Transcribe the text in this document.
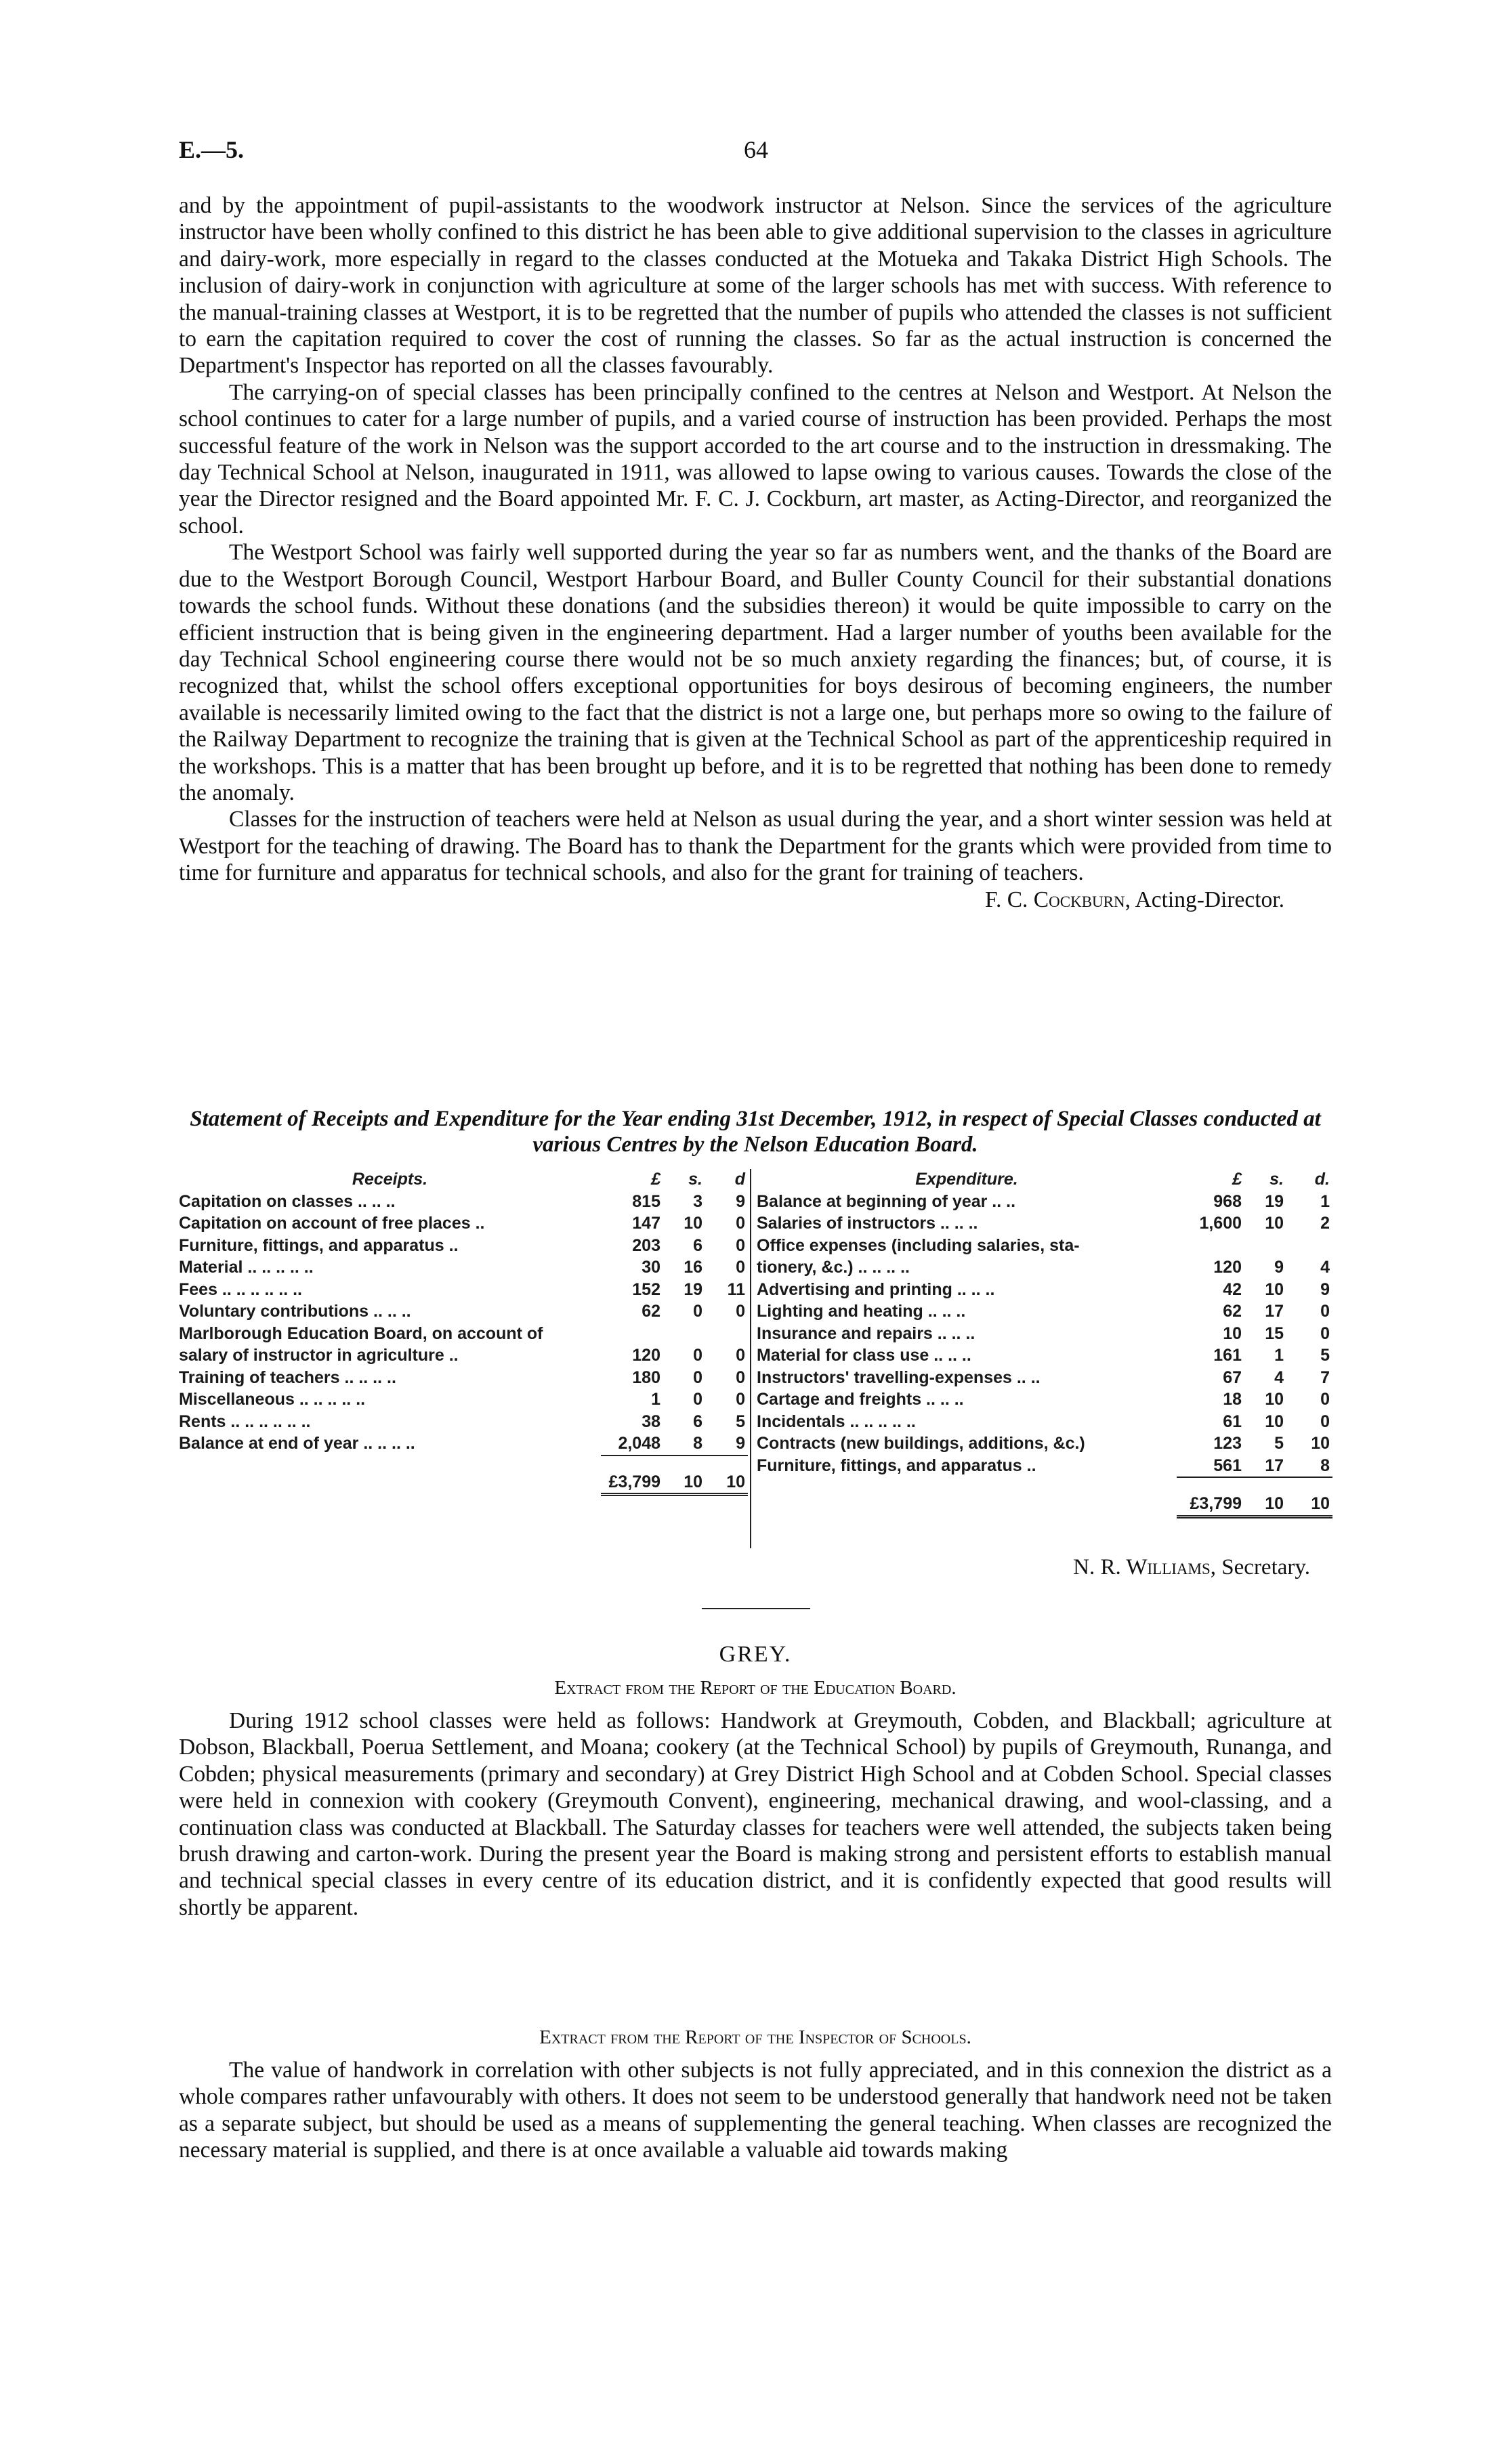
E.—5.	64

and by the appointment of pupil-assistants to the woodwork instructor at Nelson. Since the services of the agriculture instructor have been wholly confined to this district he has been able to give additional supervision to the classes in agriculture and dairy-work, more especially in regard to the classes conducted at the Motueka and Takaka District High Schools. The inclusion of dairy-work in conjunction with agriculture at some of the larger schools has met with success. With reference to the manual-training classes at Westport, it is to be regretted that the number of pupils who attended the classes is not sufficient to earn the capitation required to cover the cost of running the classes. So far as the actual instruction is concerned the Department's Inspector has reported on all the classes favourably.

The carrying-on of special classes has been principally confined to the centres at Nelson and Westport. At Nelson the school continues to cater for a large number of pupils, and a varied course of instruction has been provided. Perhaps the most successful feature of the work in Nelson was the support accorded to the art course and to the instruction in dressmaking. The day Technical School at Nelson, inaugurated in 1911, was allowed to lapse owing to various causes. Towards the close of the year the Director resigned and the Board appointed Mr. F. C. J. Cockburn, art master, as Acting-Director, and reorganized the school.

The Westport School was fairly well supported during the year so far as numbers went, and the thanks of the Board are due to the Westport Borough Council, Westport Harbour Board, and Buller County Council for their substantial donations towards the school funds. Without these donations (and the subsidies thereon) it would be quite impossible to carry on the efficient instruction that is being given in the engineering department. Had a larger number of youths been available for the day Technical School engineering course there would not be so much anxiety regarding the finances; but, of course, it is recognized that, whilst the school offers exceptional opportunities for boys desirous of becoming engineers, the number available is necessarily limited owing to the fact that the district is not a large one, but perhaps more so owing to the failure of the Railway Department to recognize the training that is given at the Technical School as part of the apprenticeship required in the workshops. This is a matter that has been brought up before, and it is to be regretted that nothing has been done to remedy the anomaly.

Classes for the instruction of teachers were held at Nelson as usual during the year, and a short winter session was held at Westport for the teaching of drawing. The Board has to thank the Department for the grants which were provided from time to time for furniture and apparatus for technical schools, and also for the grant for training of teachers.

F. C. Cockburn, Acting-Director.

Statement of Receipts and Expenditure for the Year ending 31st December, 1912, in respect of Special Classes conducted at various Centres by the Nelson Education Board.
Receipts.	£	s.	d
Capitation on classes .. .. ..	815	3	9
Capitation on account of free places ..	147	10	0
Furniture, fittings, and apparatus ..	203	6	0
Material .. .. .. .. ..	30	16	0
Fees .. .. .. .. .. ..	152	19	11
Voluntary contributions .. .. ..	62	0	0
Marlborough Education Board, on account of			
salary of instructor in agriculture ..	120	0	0
Training of teachers .. .. .. ..	180	0	0
Miscellaneous .. .. .. .. ..	1	0	0
Rents .. .. .. .. .. ..	38	6	5
Balance at end of year .. .. .. ..	2,048	8	9
	£3,799	10	10
Expenditure.	£	s.	d.
Balance at beginning of year .. ..	968	19	1
Salaries of instructors .. .. ..	1,600	10	2
Office expenses (including salaries, sta-			
tionery, &c.) .. .. .. ..	120	9	4
Advertising and printing .. .. ..	42	10	9
Lighting and heating .. .. ..	62	17	0
Insurance and repairs .. .. ..	10	15	0
Material for class use .. .. ..	161	1	5
Instructors' travelling-expenses .. ..	67	4	7
Cartage and freights .. .. ..	18	10	0
Incidentals .. .. .. .. ..	61	10	0
Contracts (new buildings, additions, &c.)	123	5	10
Furniture, fittings, and apparatus ..	561	17	8
	£3,799	10	10
N. R. Williams, Secretary.
GREY.
Extract from the Report of the Education Board.

During 1912 school classes were held as follows: Handwork at Greymouth, Cobden, and Blackball; agriculture at Dobson, Blackball, Poerua Settlement, and Moana; cookery (at the Technical School) by pupils of Greymouth, Runanga, and Cobden; physical measurements (primary and secondary) at Grey District High School and at Cobden School. Special classes were held in connexion with cookery (Greymouth Convent), engineering, mechanical drawing, and wool-classing, and a continuation class was conducted at Blackball. The Saturday classes for teachers were well attended, the subjects taken being brush drawing and carton-work. During the present year the Board is making strong and persistent efforts to establish manual and technical special classes in every centre of its education district, and it is confidently expected that good results will shortly be apparent.

Extract from the Report of the Inspector of Schools.

The value of handwork in correlation with other subjects is not fully appreciated, and in this connexion the district as a whole compares rather unfavourably with others. It does not seem to be understood generally that handwork need not be taken as a separate subject, but should be used as a means of supplementing the general teaching. When classes are recognized the necessary material is supplied, and there is at once available a valuable aid towards making
